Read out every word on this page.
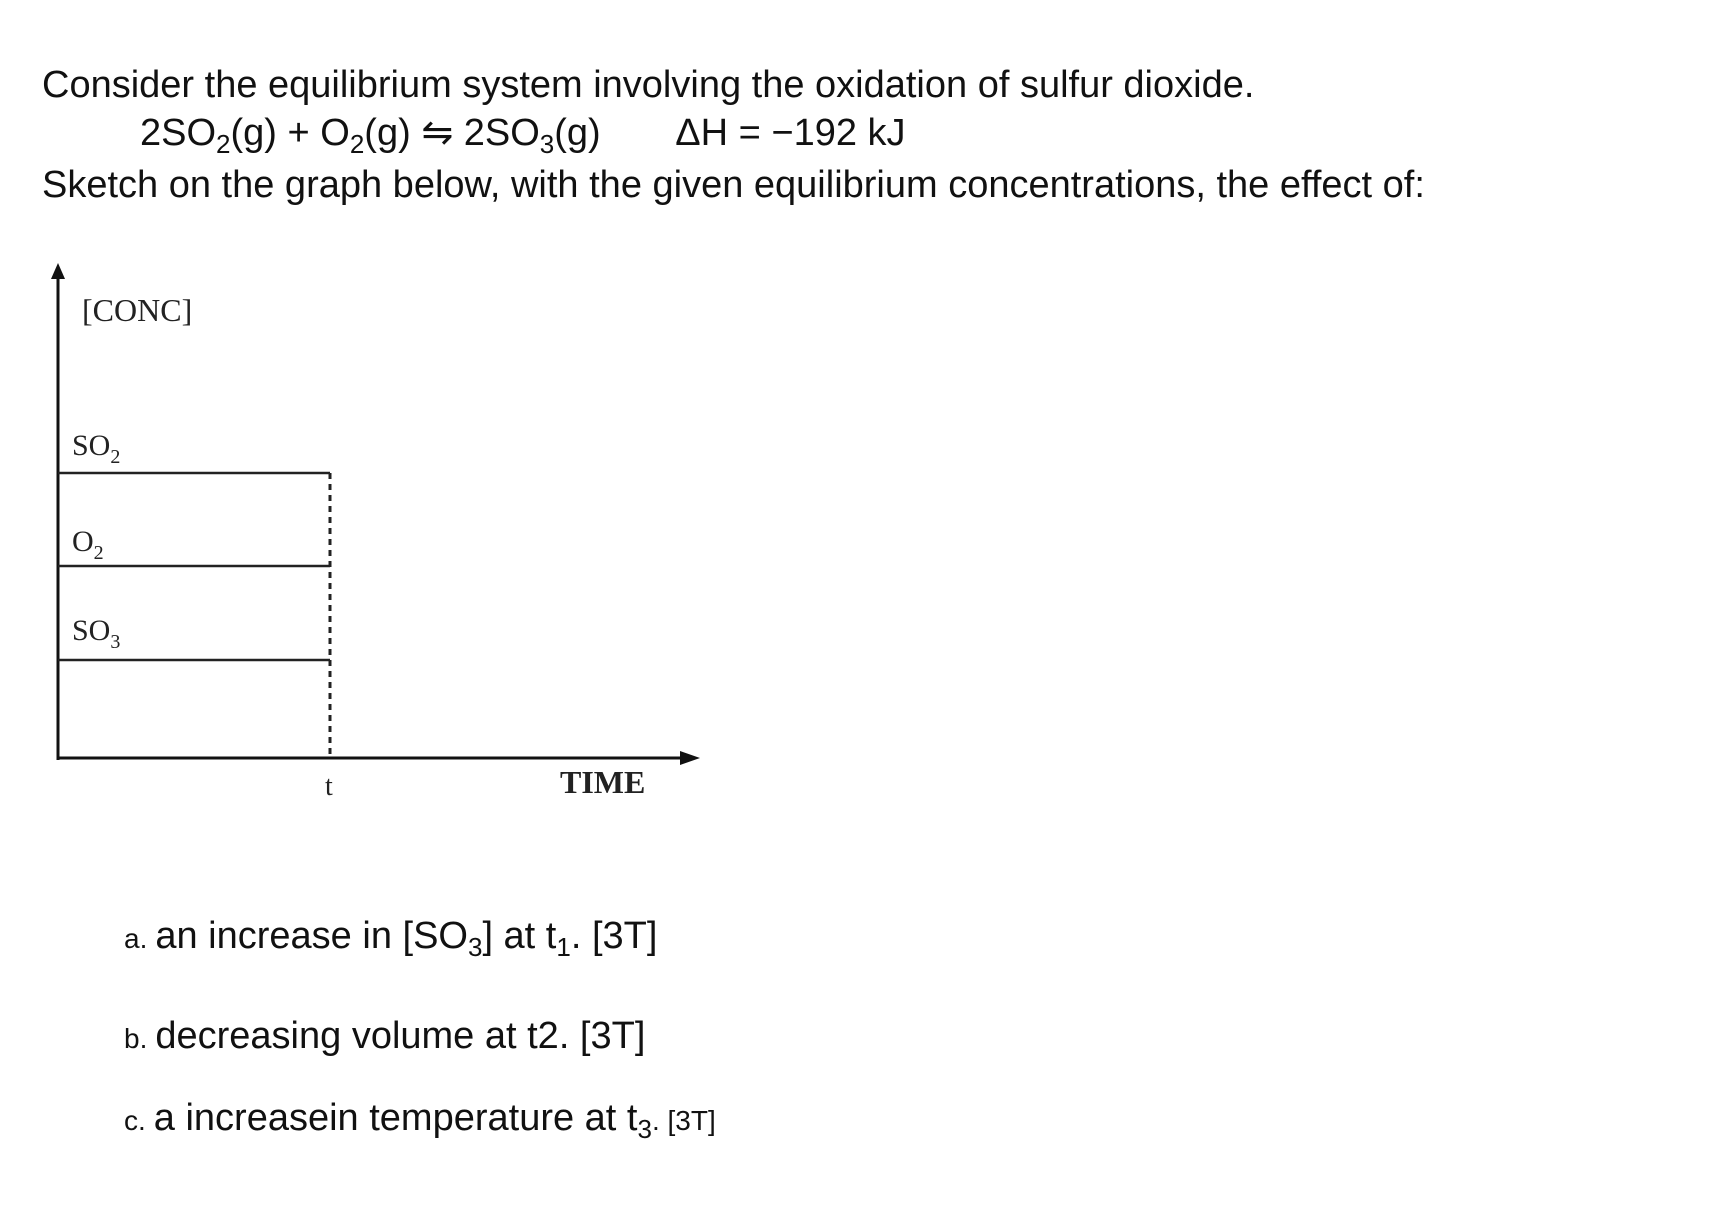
Consider the equilibrium system involving the oxidation of sulfur dioxide.
$2SO_2(g) + O_2(g)$ ⇋ $2SO_3(g) \Delta H = -192$ kJ
Sketch on the graph below, with the given equilibrium concentrations, the effect of:
[CONC]
$SO_2$
$O_2$
$SO_3$
t	TIME
a. an increase in $[SO_3]$ at $t_1$. [3T]
b. decreasing volume at t2. [3T]
c. a increasein temperature at $t_3$. [3T]
